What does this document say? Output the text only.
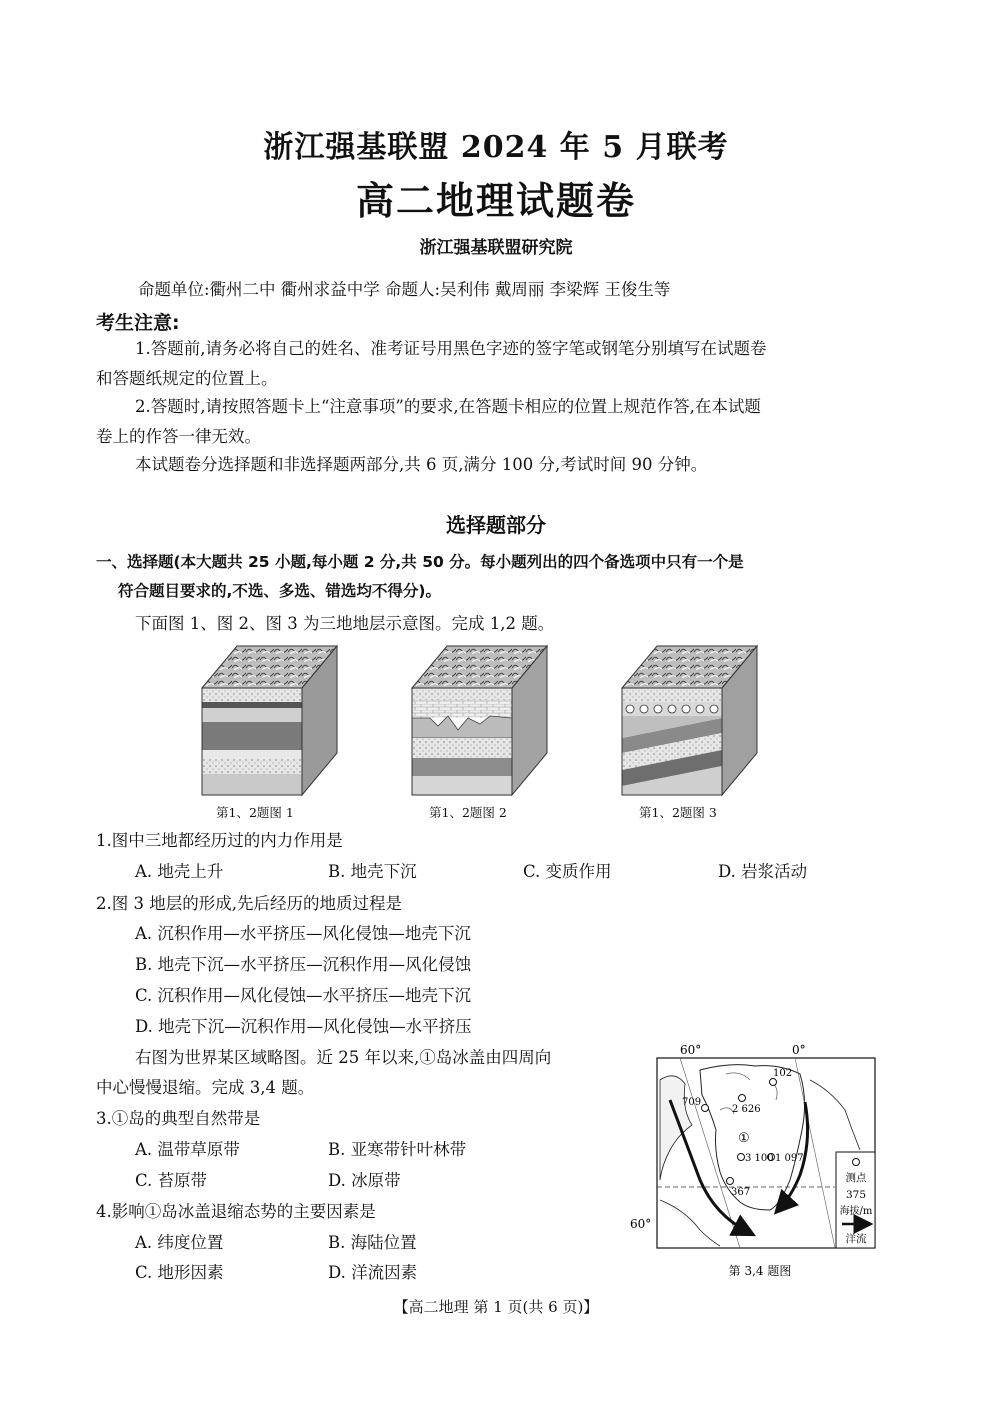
浙江强基联盟 2024 年 5 月联考
高二地理试题卷
浙江强基联盟研究院
命题单位:衢州二中 衢州求益中学 命题人:吴利伟 戴周丽 李梁辉 王俊生等
考生注意:
1.答题前,请务必将自己的姓名、准考证号用黑色字迹的签字笔或钢笔分别填写在试题卷
和答题纸规定的位置上。
2.答题时,请按照答题卡上“注意事项”的要求,在答题卡相应的位置上规范作答,在本试题
卷上的作答一律无效。
本试题卷分选择题和非选择题两部分,共 6 页,满分 100 分,考试时间 90 分钟。
选择题部分
一、选择题(本大题共 25 小题,每小题 2 分,共 50 分。每小题列出的四个备选项中只有一个是
符合题目要求的,不选、多选、错选均不得分)。
下面图 1、图 2、图 3 为三地地层示意图。完成 1,2 题。
第1、2题图 1	第1、2题图 2	第1、2题图 3
1.图中三地都经历过的内力作用是
A. 地壳上升	B. 地壳下沉	C. 变质作用	D. 岩浆活动
2.图 3 地层的形成,先后经历的地质过程是
A. 沉积作用—水平挤压—风化侵蚀—地壳下沉
B. 地壳下沉—水平挤压—沉积作用—风化侵蚀
C. 沉积作用—风化侵蚀—水平挤压—地壳下沉
D. 地壳下沉—沉积作用—风化侵蚀—水平挤压
右图为世界某区域略图。近 25 年以来,①岛冰盖由四周向
中心慢慢退缩。完成 3,4 题。
3.①岛的典型自然带是
A. 温带草原带	B. 亚寒带针叶林带
C. 苔原带	D. 冰原带
4.影响①岛冰盖退缩态势的主要因素是
A. 纬度位置	B. 海陆位置
C. 地形因素	D. 洋流因素
60°	0°
709
102
2 626
①
3 100 1 097
367
60°
测点
375
海拔/m
洋流
第 3,4 题图
【高二地理 第 1 页(共 6 页)】
